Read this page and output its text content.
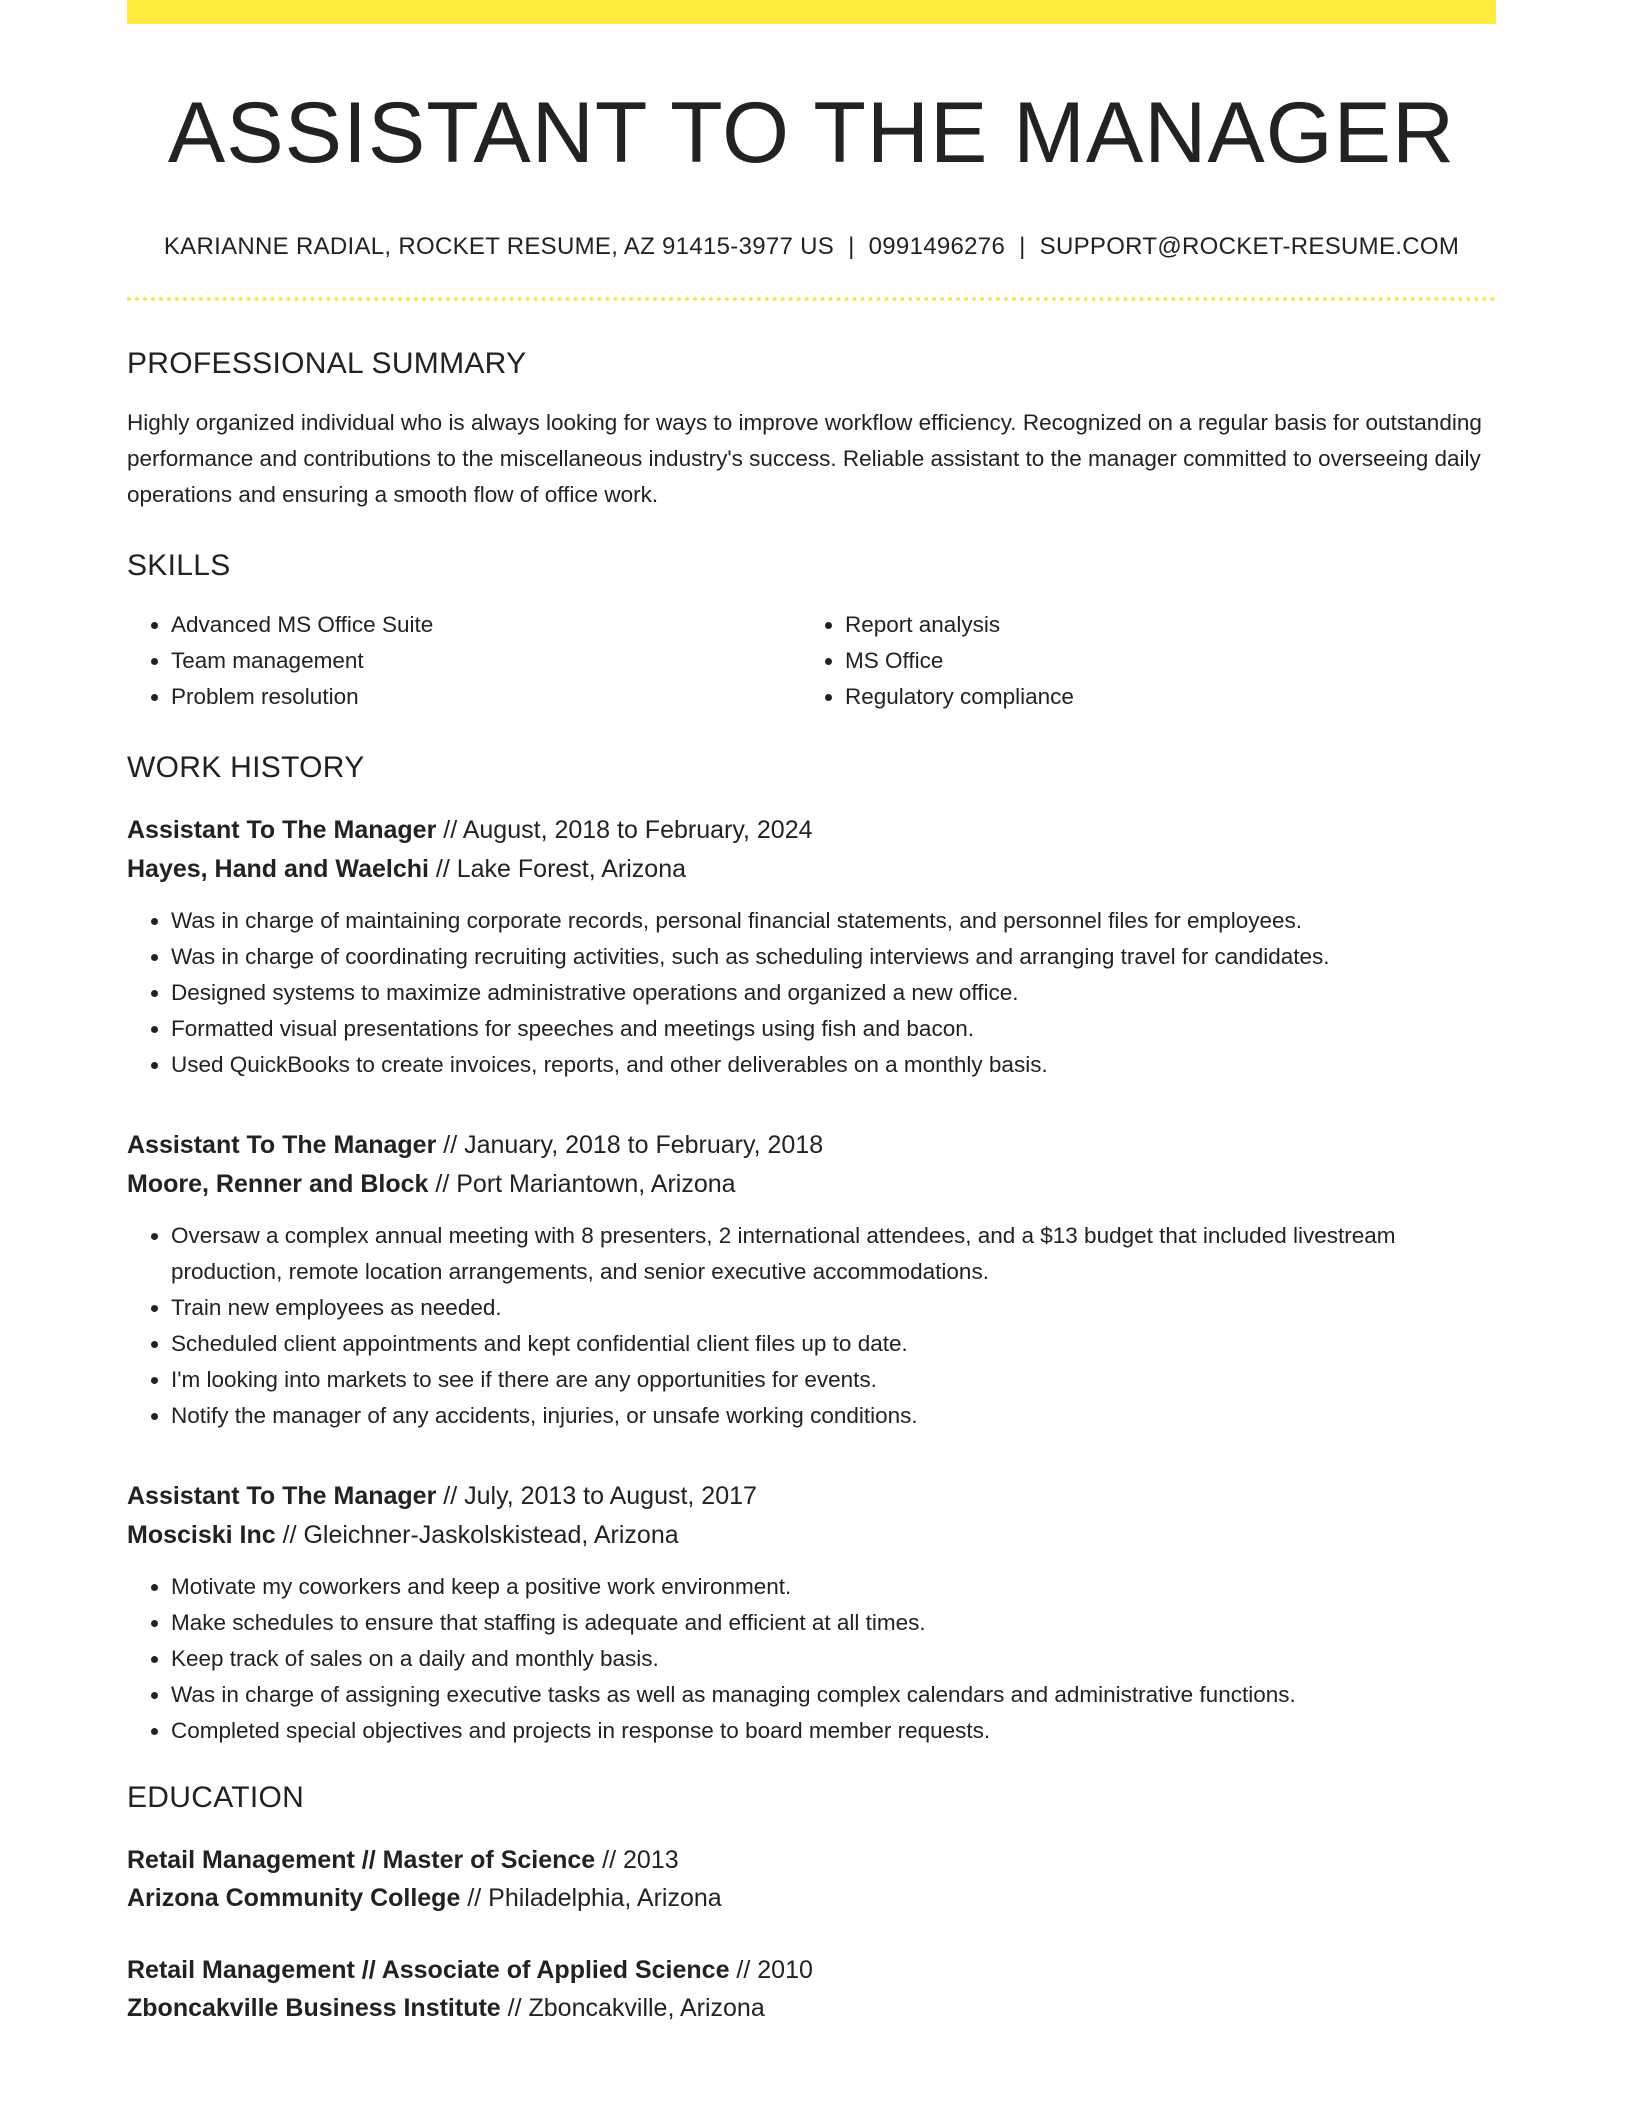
ASSISTANT TO THE MANAGER
KARIANNE RADIAL, ROCKET RESUME, AZ 91415-3977 US | 0991496276 | SUPPORT@ROCKET-RESUME.COM
PROFESSIONAL SUMMARY
Highly organized individual who is always looking for ways to improve workflow efficiency. Recognized on a regular basis for outstanding performance and contributions to the miscellaneous industry's success. Reliable assistant to the manager committed to overseeing daily operations and ensuring a smooth flow of office work.
SKILLS
• Advanced MS Office Suite
• Team management
• Problem resolution
• Report analysis
• MS Office
• Regulatory compliance
WORK HISTORY
Assistant To The Manager // August, 2018 to February, 2024
Hayes, Hand and Waelchi // Lake Forest, Arizona
• Was in charge of maintaining corporate records, personal financial statements, and personnel files for employees.
• Was in charge of coordinating recruiting activities, such as scheduling interviews and arranging travel for candidates.
• Designed systems to maximize administrative operations and organized a new office.
• Formatted visual presentations for speeches and meetings using fish and bacon.
• Used QuickBooks to create invoices, reports, and other deliverables on a monthly basis.
Assistant To The Manager // January, 2018 to February, 2018
Moore, Renner and Block // Port Mariantown, Arizona
• Oversaw a complex annual meeting with 8 presenters, 2 international attendees, and a $13 budget that included livestream production, remote location arrangements, and senior executive accommodations.
• Train new employees as needed.
• Scheduled client appointments and kept confidential client files up to date.
• I'm looking into markets to see if there are any opportunities for events.
• Notify the manager of any accidents, injuries, or unsafe working conditions.
Assistant To The Manager // July, 2013 to August, 2017
Mosciski Inc // Gleichner-Jaskolskistead, Arizona
• Motivate my coworkers and keep a positive work environment.
• Make schedules to ensure that staffing is adequate and efficient at all times.
• Keep track of sales on a daily and monthly basis.
• Was in charge of assigning executive tasks as well as managing complex calendars and administrative functions.
• Completed special objectives and projects in response to board member requests.
EDUCATION
Retail Management // Master of Science // 2013
Arizona Community College // Philadelphia, Arizona
Retail Management // Associate of Applied Science // 2010
Zboncakville Business Institute // Zboncakville, Arizona
